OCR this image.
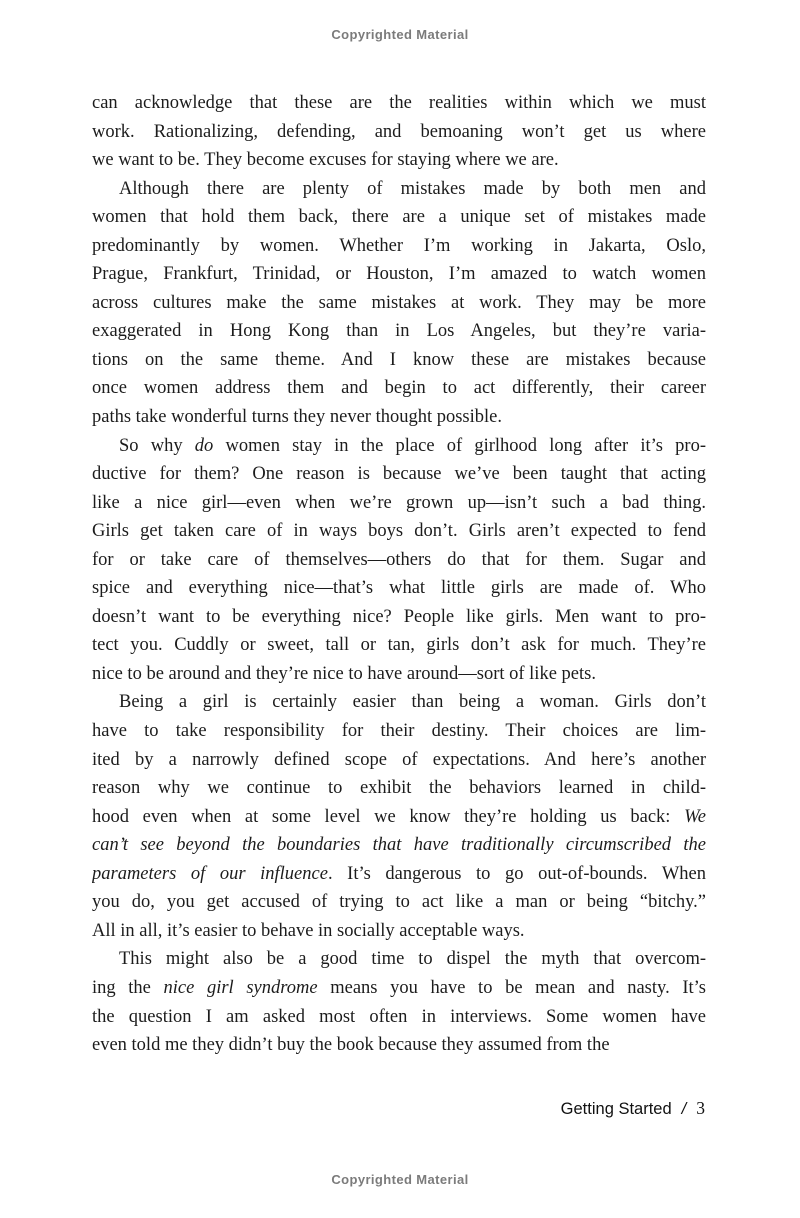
Copyrighted Material
can acknowledge that these are the realities within which we must
work. Rationalizing, defending, and bemoaning won’t get us where
we want to be. They become excuses for staying where we are.
Although there are plenty of mistakes made by both men and
women that hold them back, there are a unique set of mistakes made
predominantly by women. Whether I’m working in Jakarta, Oslo,
Prague, Frankfurt, Trinidad, or Houston, I’m amazed to watch women
across cultures make the same mistakes at work. They may be more
exaggerated in Hong Kong than in Los Angeles, but they’re varia-
tions on the same theme. And I know these are mistakes because
once women address them and begin to act differently, their career
paths take wonderful turns they never thought possible.
So why do women stay in the place of girlhood long after it’s pro-
ductive for them? One reason is because we’ve been taught that acting
like a nice girl—even when we’re grown up—isn’t such a bad thing.
Girls get taken care of in ways boys don’t. Girls aren’t expected to fend
for or take care of themselves—others do that for them. Sugar and
spice and everything nice—that’s what little girls are made of. Who
doesn’t want to be everything nice? People like girls. Men want to pro-
tect you. Cuddly or sweet, tall or tan, girls don’t ask for much. They’re
nice to be around and they’re nice to have around—sort of like pets.
Being a girl is certainly easier than being a woman. Girls don’t
have to take responsibility for their destiny. Their choices are lim-
ited by a narrowly defined scope of expectations. And here’s another
reason why we continue to exhibit the behaviors learned in child-
hood even when at some level we know they’re holding us back: We
can’t see beyond the boundaries that have traditionally circumscribed the
parameters of our influence. It’s dangerous to go out-of-bounds. When
you do, you get accused of trying to act like a man or being “bitchy.”
All in all, it’s easier to behave in socially acceptable ways.
This might also be a good time to dispel the myth that overcom-
ing the nice girl syndrome means you have to be mean and nasty. It’s
the question I am asked most often in interviews. Some women have
even told me they didn’t buy the book because they assumed from the
Getting Started / 3
Copyrighted Material
